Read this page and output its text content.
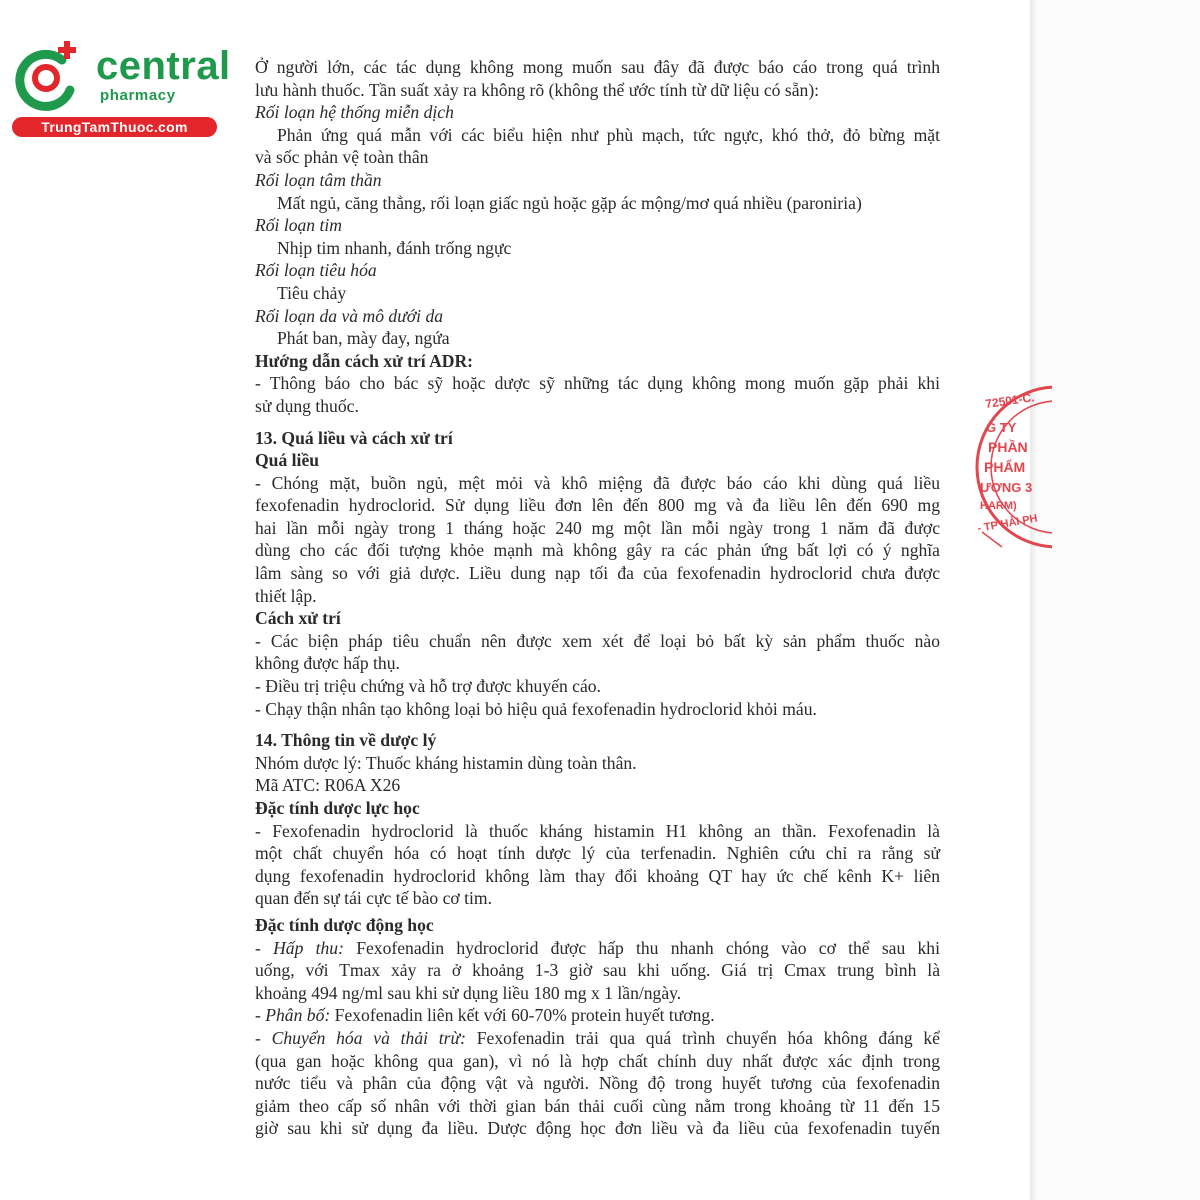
central
pharmacy
TrungTamThuoc.com
72501-C.
G TY
PHẦN
PHẨM
ƯƠNG 3
HARM)
- TP HẢI PH
Ở người lớn, các tác dụng không mong muốn sau đây đã được báo cáo trong quá trình
lưu hành thuốc. Tần suất xảy ra không rõ (không thể ước tính từ dữ liệu có sẵn):
Rối loạn hệ thống miễn dịch
Phản ứng quá mẫn với các biểu hiện như phù mạch, tức ngực, khó thở, đỏ bừng mặt
và sốc phản vệ toàn thân
Rối loạn tâm thần
Mất ngủ, căng thẳng, rối loạn giấc ngủ hoặc gặp ác mộng/mơ quá nhiều (paroniria)
Rối loạn tim
Nhịp tim nhanh, đánh trống ngực
Rối loạn tiêu hóa
Tiêu chảy
Rối loạn da và mô dưới da
Phát ban, mày đay, ngứa
Hướng dẫn cách xử trí ADR:
- Thông báo cho bác sỹ hoặc dược sỹ những tác dụng không mong muốn gặp phải khi
sử dụng thuốc.
13. Quá liều và cách xử trí
Quá liều
- Chóng mặt, buồn ngủ, mệt mỏi và khô miệng đã được báo cáo khi dùng quá liều
fexofenadin hydroclorid. Sử dụng liều đơn lên đến 800 mg và đa liều lên đến 690 mg
hai lần mỗi ngày trong 1 tháng hoặc 240 mg một lần mỗi ngày trong 1 năm đã được
dùng cho các đối tượng khỏe mạnh mà không gây ra các phản ứng bất lợi có ý nghĩa
lâm sàng so với giả dược. Liều dung nạp tối đa của fexofenadin hydroclorid chưa được
thiết lập.
Cách xử trí
- Các biện pháp tiêu chuẩn nên được xem xét để loại bỏ bất kỳ sản phẩm thuốc nào
không được hấp thụ.
- Điều trị triệu chứng và hỗ trợ được khuyến cáo.
- Chạy thận nhân tạo không loại bỏ hiệu quả fexofenadin hydroclorid khỏi máu.
14. Thông tin về dược lý
Nhóm dược lý: Thuốc kháng histamin dùng toàn thân.
Mã ATC: R06A X26
Đặc tính dược lực học
- Fexofenadin hydroclorid là thuốc kháng histamin H1 không an thần. Fexofenadin là
một chất chuyển hóa có hoạt tính dược lý của terfenadin. Nghiên cứu chỉ ra rằng sử
dụng fexofenadin hydroclorid không làm thay đổi khoảng QT hay ức chế kênh K+ liên
quan đến sự tái cực tế bào cơ tim.
Đặc tính dược động học
- Hấp thu: Fexofenadin hydroclorid được hấp thu nhanh chóng vào cơ thể sau khi
uống, với Tmax xảy ra ở khoảng 1-3 giờ sau khi uống. Giá trị Cmax trung bình là
khoảng 494 ng/ml sau khi sử dụng liều 180 mg x 1 lần/ngày.
- Phân bố: Fexofenadin liên kết với 60-70% protein huyết tương.
- Chuyển hóa và thải trừ: Fexofenadin trải qua quá trình chuyển hóa không đáng kể
(qua gan hoặc không qua gan), vì nó là hợp chất chính duy nhất được xác định trong
nước tiểu và phân của động vật và người. Nồng độ trong huyết tương của fexofenadin
giảm theo cấp số nhân với thời gian bán thải cuối cùng nằm trong khoảng từ 11 đến 15
giờ sau khi sử dụng đa liều. Dược động học đơn liều và đa liều của fexofenadin tuyến
